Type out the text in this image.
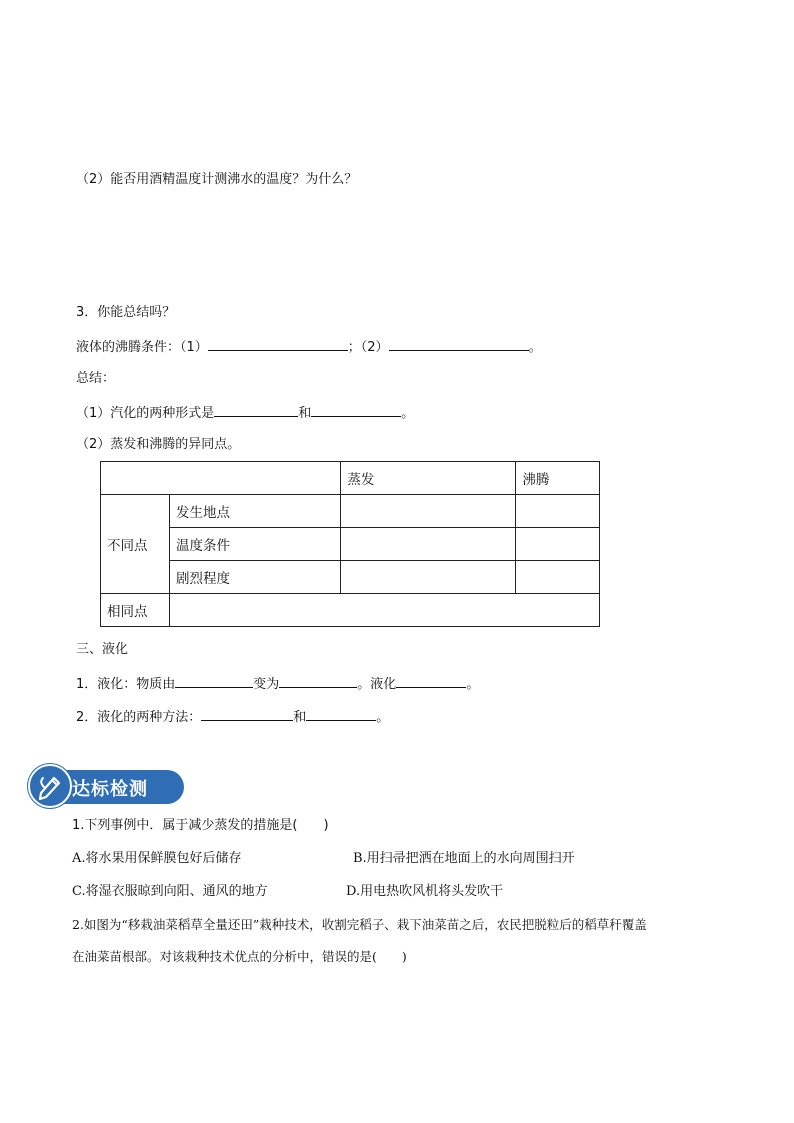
（2）能否用酒精温度计测沸水的温度？为什么？
3．你能总结吗？
液体的沸腾条件：（1）	；（2）	。
总结：
（1）汽化的两种形式是	和	。
（2）蒸发和沸腾的异同点。
		蒸发	沸腾
不同点	发生地点		
	温度条件		
	剧烈程度		
相同点			
三、液化
1．液化：物质由	变为	。液化	。
2．液化的两种方法：	和	。
达标检测
1.下列事例中．属于减少蒸发的措施是(　　)
A.将水果用保鲜膜包好后储存	B.用扫帚把洒在地面上的水向周围扫开
C.将湿衣服晾到向阳、通风的地方	D.用电热吹风机将头发吹干
2.如图为“移栽油菜稻草全量还田”栽种技术，收割完稻子、栽下油菜苗之后，农民把脱粒后的稻草秆覆盖
在油菜苗根部。对该栽种技术优点的分析中，错误的是(　　)
